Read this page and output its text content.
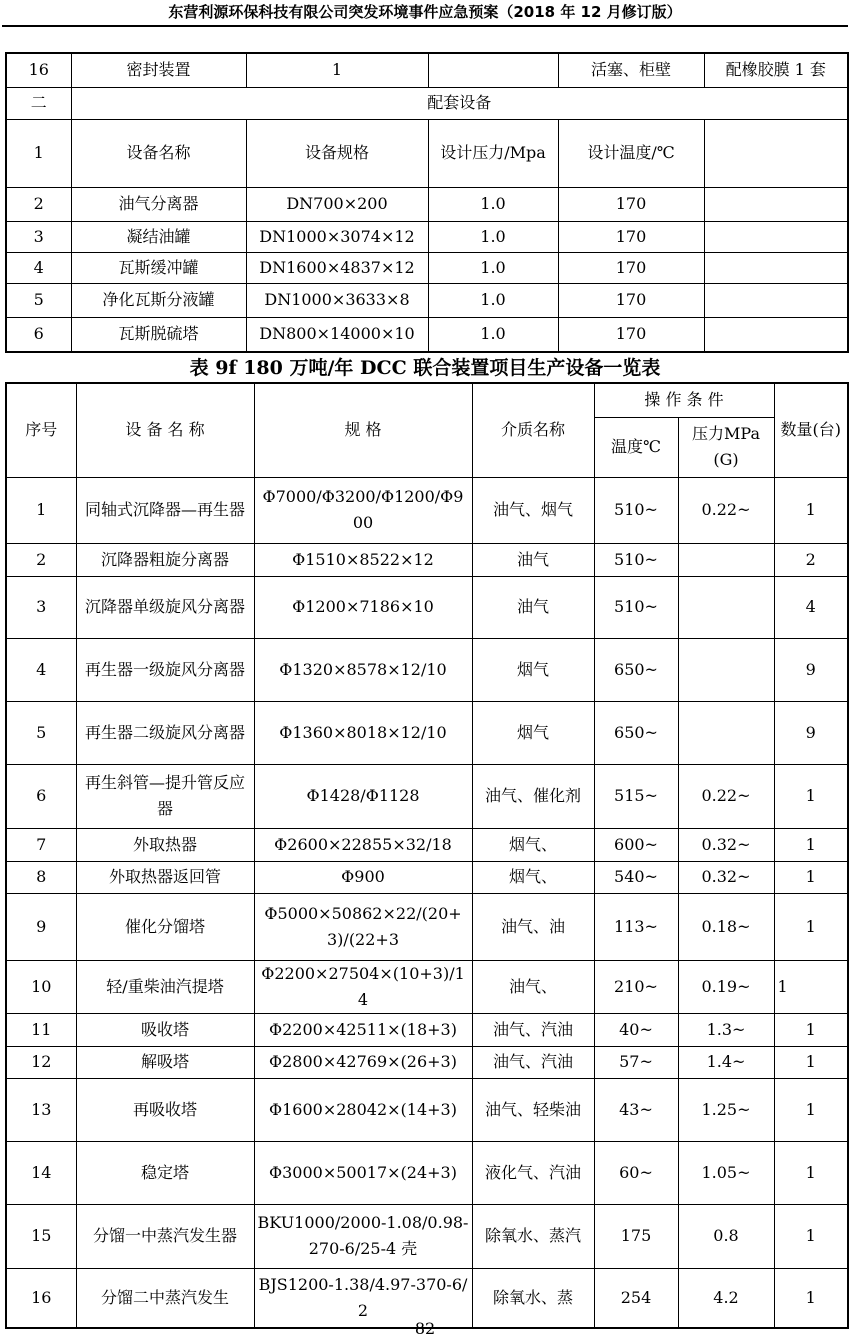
东营利源环保科技有限公司突发环境事件应急预案（2018 年 12 月修订版）
16	密封装置	1		活塞、柜壁	配橡胶膜 1 套
二	配套设备				
1	设备名称	设备规格	设计压力/Mpa	设计温度/℃	
2	油气分离器	DN700×200	1.0	170	
3	凝结油罐	DN1000×3074×12	1.0	170	
4	瓦斯缓冲罐	DN1600×4837×12	1.0	170	
5	净化瓦斯分液罐	DN1000×3633×8	1.0	170	
6	瓦斯脱硫塔	DN800×14000×10	1.0	170	
表 9f 180 万吨/年 DCC 联合装置项目生产设备一览表
序号	设 备 名 称	规 格	介质名称	操 作 条 件		数量(台)
				温度℃	压力MPa(G)	
1	同轴式沉降器—再生器	Φ7000/Φ3200/Φ1200/Φ900	油气、烟气	510~	0.22~	1
2	沉降器粗旋分离器	Φ1510×8522×12	油气	510~		2
3	沉降器单级旋风分离器	Φ1200×7186×10	油气	510~		4
4	再生器一级旋风分离器	Φ1320×8578×12/10	烟气	650~		9
5	再生器二级旋风分离器	Φ1360×8018×12/10	烟气	650~		9
6	再生斜管—提升管反应器	Φ1428/Φ1128	油气、催化剂	515~	0.22~	1
7	外取热器	Φ2600×22855×32/18	烟气、	600~	0.32~	1
8	外取热器返回管	Φ900	烟气、	540~	0.32~	1
9	催化分馏塔	Φ5000×50862×22/(20+3)/(22+3	油气、油	113~	0.18~	1
10	轻/重柴油汽提塔	Φ2200×27504×(10+3)/14	油气、	210~	0.19~	1
11	吸收塔	Φ2200×42511×(18+3)	油气、汽油	40~	1.3~	1
12	解吸塔	Φ2800×42769×(26+3)	油气、汽油	57~	1.4~	1
13	再吸收塔	Φ1600×28042×(14+3)	油气、轻柴油	43~	1.25~	1
14	稳定塔	Φ3000×50017×(24+3)	液化气、汽油	60~	1.05~	1
15	分馏一中蒸汽发生器	BKU1000/2000-1.08/0.98-270-6/25-4 壳	除氧水、蒸汽	175	0.8	1
16	分馏二中蒸汽发生	BJS1200-1.38/4.97-370-6/2	除氧水、蒸	254	4.2	1
82
